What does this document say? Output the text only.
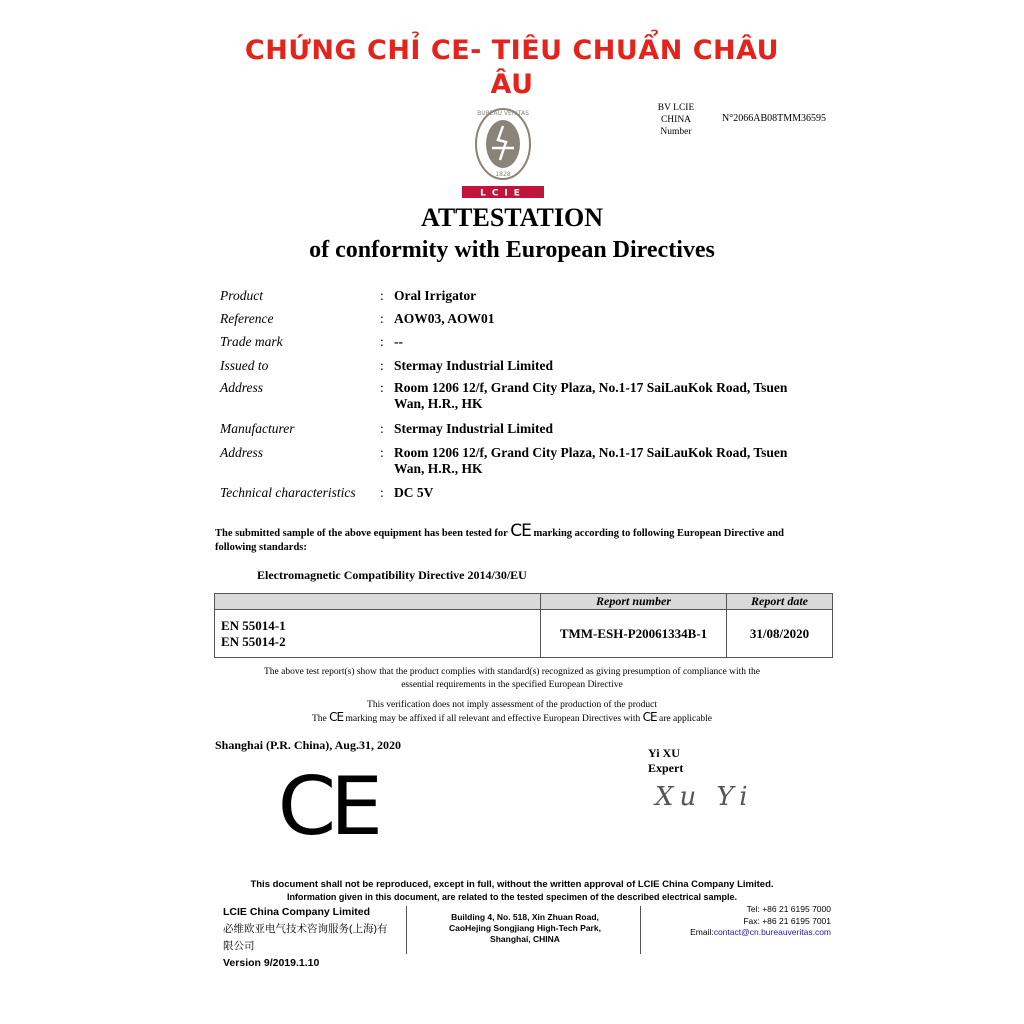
CHỨNG CHỈ CE- TIÊU CHUẨN CHÂU ÂU
BV LCIE
CHINA
Number
N°2066AB08TMM36595
BUREAU VERITAS
1828
LCIE
ATTESTATION
of conformity with European Directives
Product	: Oral Irrigator
Reference	: AOW03, AOW01
Trade mark	: --
Issued to	: Stermay Industrial Limited
Address	: Room 1206 12/f, Grand City Plaza, No.1-17 SaiLauKok Road, Tsuen Wan, H.R., HK
Manufacturer	: Stermay Industrial Limited
Address	: Room 1206 12/f, Grand City Plaza, No.1-17 SaiLauKok Road, Tsuen Wan, H.R., HK
Technical characteristics : DC 5V
The submitted sample of the above equipment has been tested for CE marking according to following European Directive and following standards:
Electromagnetic Compatibility Directive 2014/30/EU
	Report number	Report date

EN 55014-1
EN 55014-2	TMM-ESH-P20061334B-1	31/08/2020
The above test report(s) show that the product complies with standard(s) recognized as giving presumption of compliance with the
essential requirements in the specified European Directive
This verification does not imply assessment of the production of the product
The CE marking may be affixed if all relevant and effective European Directives with CE are applicable
Shanghai (P.R. China), Aug.31, 2020
Yi XU
Expert
Xu Yi
CE
This document shall not be reproduced, except in full, without the written approval of LCIE China Company Limited.
Information given in this document, are related to the tested specimen of the described electrical sample.
LCIE China Company Limited
必维欧亚电气技术咨询服务(上海)有
限公司
Version 9/2019.1.10
Building 4, No. 518, Xin Zhuan Road,
CaoHejing Songjiang High-Tech Park,
Shanghai, CHINA
Tel: +86 21 6195 7000
Fax: +86 21 6195 7001
Email:contact@cn.bureauveritas.com
